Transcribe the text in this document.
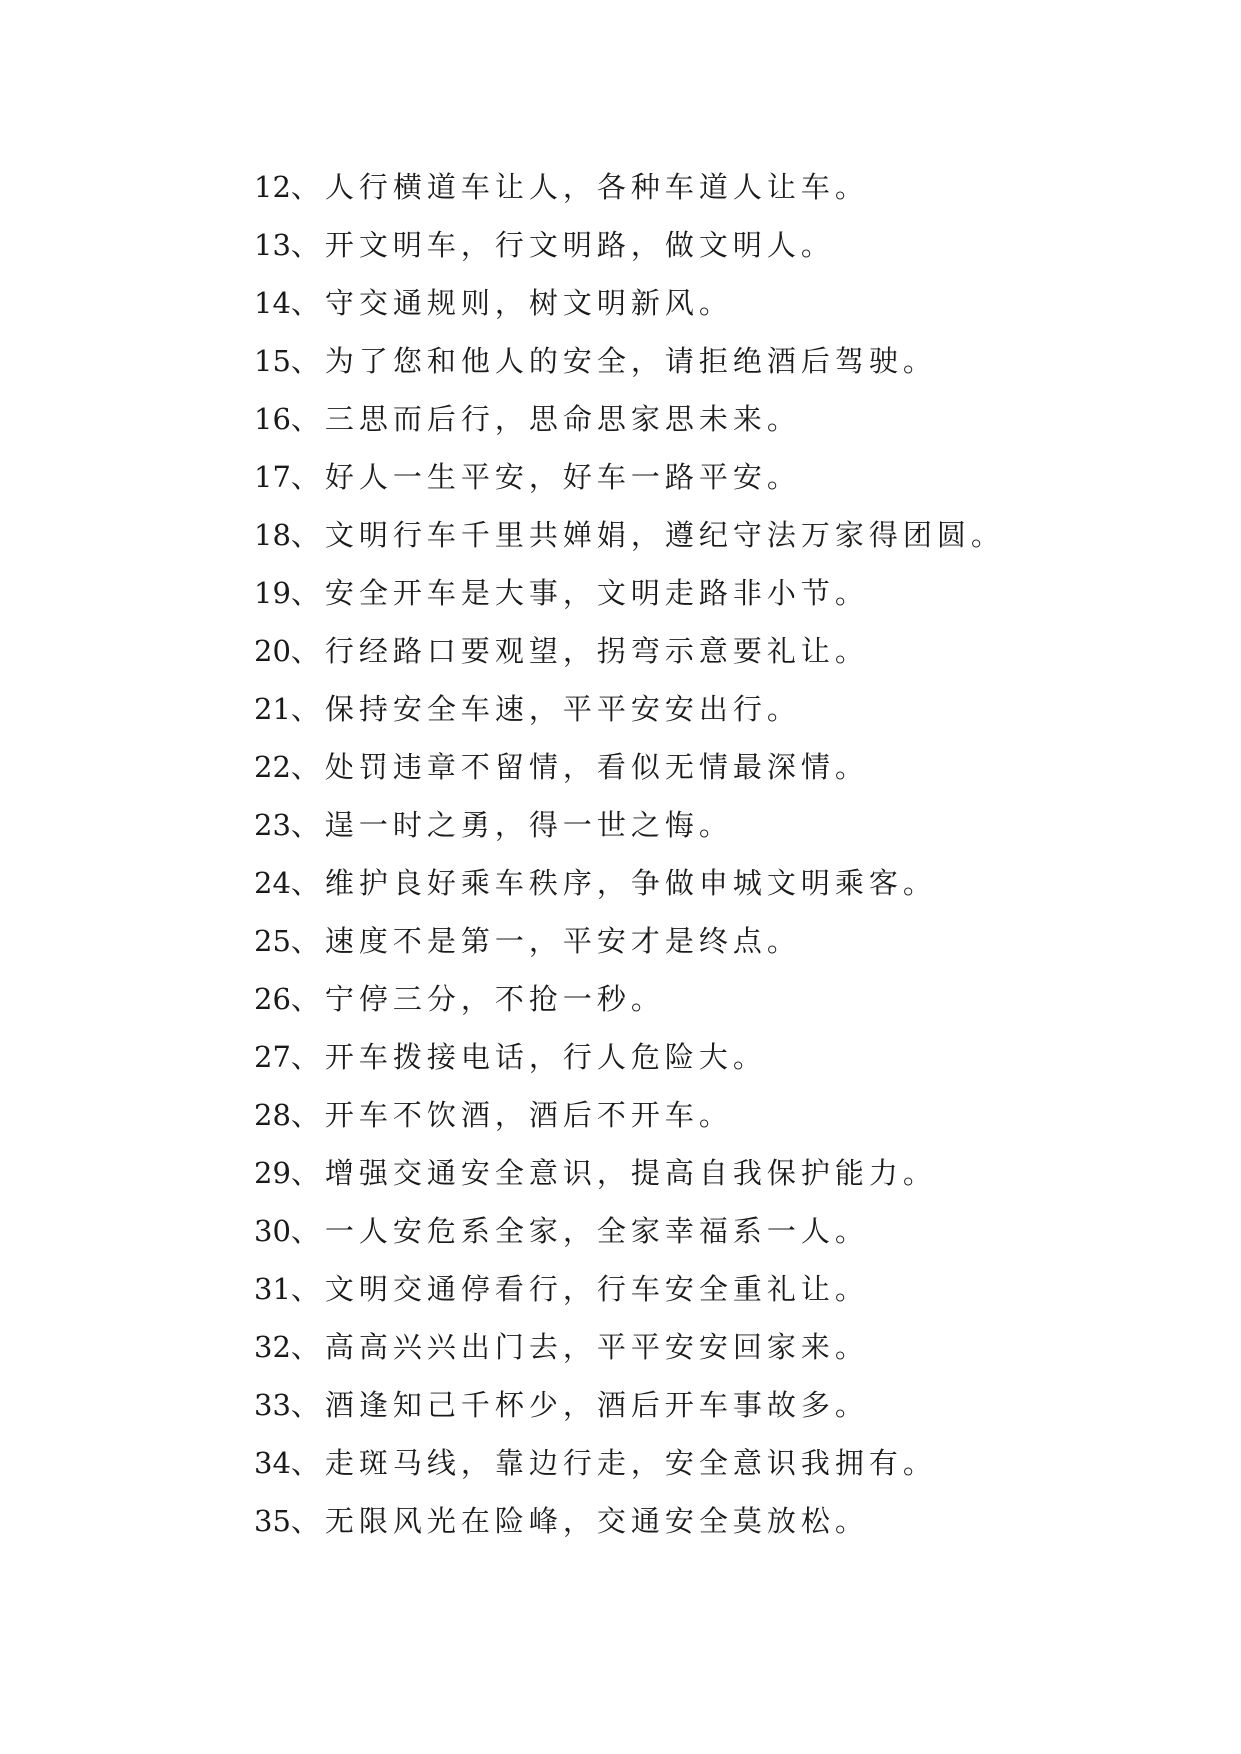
12、人行横道车让人，各种车道人让车。
13、开文明车，行文明路，做文明人。
14、守交通规则，树文明新风。
15、为了您和他人的安全，请拒绝酒后驾驶。
16、三思而后行，思命思家思未来。
17、好人一生平安，好车一路平安。
18、文明行车千里共婵娟，遵纪守法万家得团圆。
19、安全开车是大事，文明走路非小节。
20、行经路口要观望，拐弯示意要礼让。
21、保持安全车速，平平安安出行。
22、处罚违章不留情，看似无情最深情。
23、逞一时之勇，得一世之悔。
24、维护良好乘车秩序，争做申城文明乘客。
25、速度不是第一，平安才是终点。
26、宁停三分，不抢一秒。
27、开车拨接电话，行人危险大。
28、开车不饮酒，酒后不开车。
29、增强交通安全意识，提高自我保护能力。
30、一人安危系全家，全家幸福系一人。
31、文明交通停看行，行车安全重礼让。
32、高高兴兴出门去，平平安安回家来。
33、酒逢知己千杯少，酒后开车事故多。
34、走斑马线，靠边行走，安全意识我拥有。
35、无限风光在险峰，交通安全莫放松。
